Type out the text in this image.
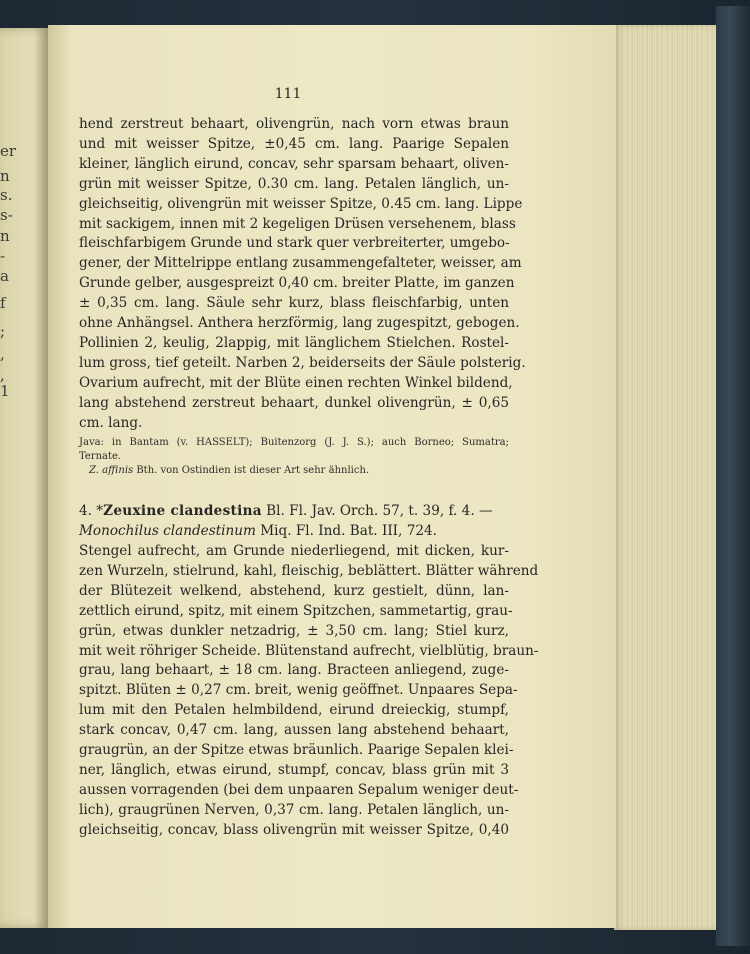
er
n
s.
s-
n
-
a
f
;
,
,
1
111
hend zerstreut behaart, olivengrün, nach vorn etwas braun
und mit weisser Spitze, ±0,45 cm. lang. Paarige Sepalen
kleiner, länglich eirund, concav, sehr sparsam behaart, oliven-
grün mit weisser Spitze, 0.30 cm. lang. Petalen länglich, un-
gleichseitig, olivengrün mit weisser Spitze, 0.45 cm. lang. Lippe
mit sackigem, innen mit 2 kegeligen Drüsen versehenem, blass
fleischfarbigem Grunde und stark quer verbreiterter, umgebo-
gener, der Mittelrippe entlang zusammengefalteter, weisser, am
Grunde gelber, ausgespreizt 0,40 cm. breiter Platte, im ganzen
± 0,35 cm. lang. Säule sehr kurz, blass fleischfarbig, unten
ohne Anhängsel. Anthera herzförmig, lang zugespitzt, gebogen.
Pollinien 2, keulig, 2lappig, mit länglichem Stielchen. Rostel-
lum gross, tief geteilt. Narben 2, beiderseits der Säule polsterig.
Ovarium aufrecht, mit der Blüte einen rechten Winkel bildend,
lang abstehend zerstreut behaart, dunkel olivengrün, ± 0,65
cm. lang.
Java: in Bantam (v. HASSELT); Buitenzorg (J. J. S.); auch Borneo; Sumatra;
Ternate.
 Z. affinis Bth. von Ostindien ist dieser Art sehr ähnlich.
4. *Zeuxine clandestina Bl. Fl. Jav. Orch. 57, t. 39, f. 4. —
Monochilus clandestinum Miq. Fl. Ind. Bat. III, 724.
Stengel aufrecht, am Grunde niederliegend, mit dicken, kur-
zen Wurzeln, stielrund, kahl, fleischig, beblättert. Blätter während
der Blütezeit welkend, abstehend, kurz gestielt, dünn, lan-
zettlich eirund, spitz, mit einem Spitzchen, sammetartig, grau-
grün, etwas dunkler netzadrig, ± 3,50 cm. lang; Stiel kurz,
mit weit röhriger Scheide. Blütenstand aufrecht, vielblütig, braun-
grau, lang behaart, ± 18 cm. lang. Bracteen anliegend, zuge-
spitzt. Blüten ± 0,27 cm. breit, wenig geöffnet. Unpaares Sepa-
lum mit den Petalen helmbildend, eirund dreieckig, stumpf,
stark concav, 0,47 cm. lang, aussen lang abstehend behaart,
graugrün, an der Spitze etwas bräunlich. Paarige Sepalen klei-
ner, länglich, etwas eirund, stumpf, concav, blass grün mit 3
aussen vorragenden (bei dem unpaaren Sepalum weniger deut-
lich), graugrünen Nerven, 0,37 cm. lang. Petalen länglich, un-
gleichseitig, concav, blass olivengrün mit weisser Spitze, 0,40
